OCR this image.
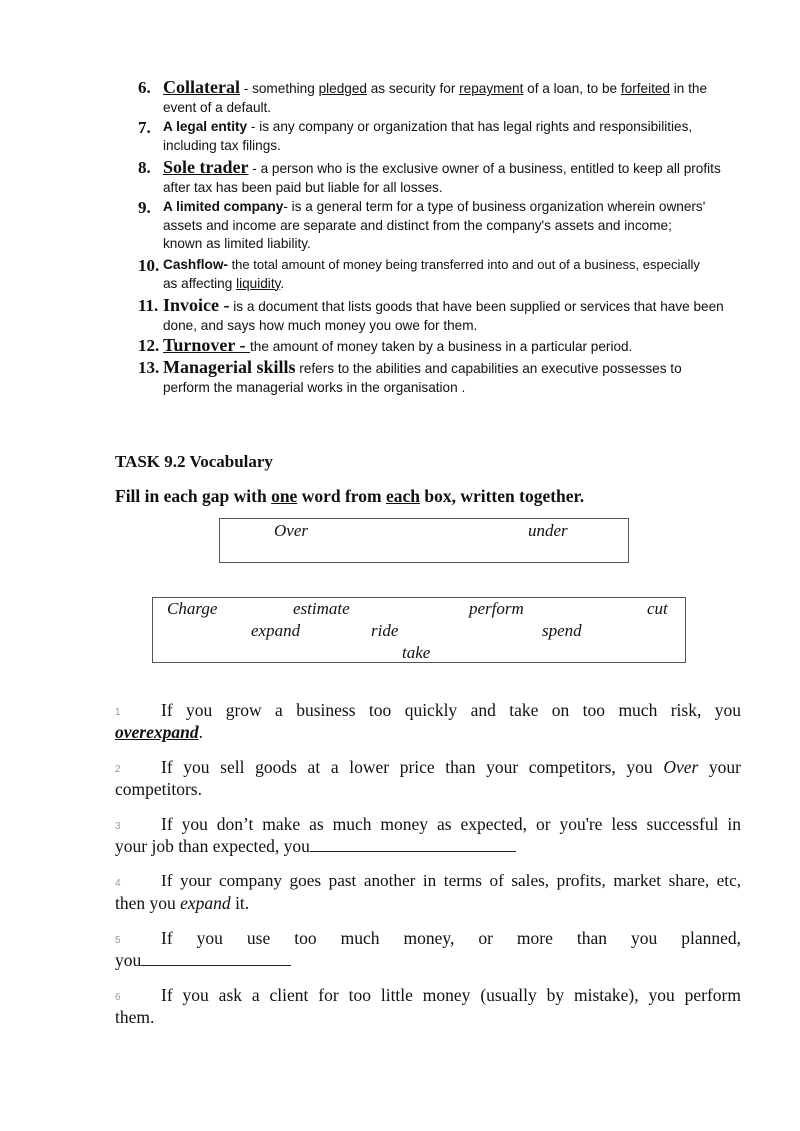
6. Collateral - something pledged as security for repayment of a loan, to be forfeited in the
event of a default.

7. A legal entity - is any company or organization that has legal rights and responsibilities,
including tax filings.

8. Sole trader - a person who is the exclusive owner of a business, entitled to keep all profits
after tax has been paid but liable for all losses.

9. A limited company- is a general term for a type of business organization wherein owners'
assets and income are separate and distinct from the company's assets and income;
known as limited liability.

10. Cashflow- the total amount of money being transferred into and out of a business, especially
as affecting liquidity.

11. Invoice - is a document that lists goods that have been supplied or services that have been
done, and says how much money you owe for them.

12. Turnover - the amount of money taken by a business in a particular period.

13. Managerial skills refers to the abilities and capabilities an executive possesses to
perform the managerial works in the organisation .

TASK 9.2 Vocabulary
Fill in each gap with one word from each box, written together.
Over	under
Charge	estimate	perform	cut
expand	ride	spend
take
1 If you grow a business too quickly and take on too much risk, you
overexpand.
2 If you sell goods at a lower price than your competitors, you Over your
competitors.
3 If you don’t make as much money as expected, or you're less successful in
your job than expected, you
4 If your company goes past another in terms of sales, profits, market share, etc,
then you expand it.
5 If you use too much money, or more than you planned,
you
6 If you ask a client for too little money (usually by mistake), you perform
them.
